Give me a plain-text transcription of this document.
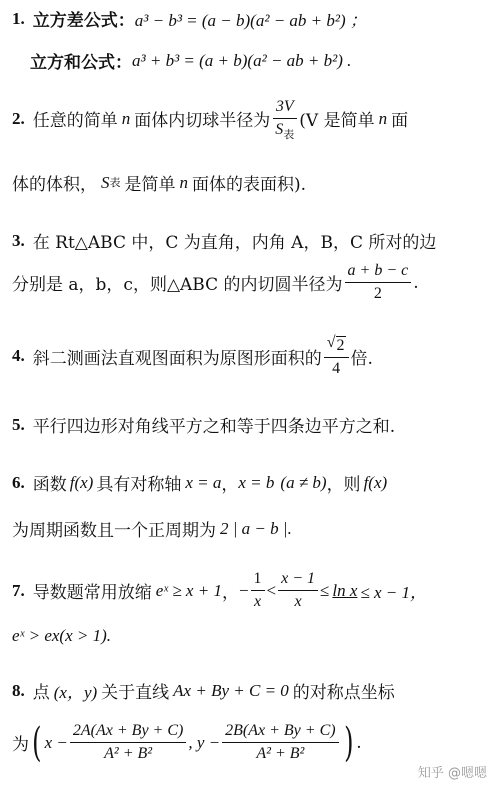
1. 立方差公式： a³ − b³ = (a − b)(a² − ab + b²) ；
立方和公式： a³ + b³ = (a + b)(a² − ab + b²) .
2. 任意的简单 n 面体内切球半径为 $\frac{3V}{S_表} (V$ 是简单 n 面
体的体积， S 表 是简单 n 面体的表面积).
3. 在 Rt△ABC 中，C 为直角，内角 A，B，C 所对的边
分别是 a，b，c，则△ABC 的内切圆半径为 $\frac{a + b - c}{2}$ .
4. 斜二测画法直观图面积为原图形面积的 $\frac{√ 2}{4}$ 倍.
5. 平行四边形对角线平方之和等于四条边平方之和.
6. 函数 f(x) 具有对称轴 x = a ， x = b (a ≠ b) ，则 f(x)
为周期函数且一个正周期为 2 | a − b |.
7. 导数题常用放缩 eˣ ≥ x + 1 ， − $\frac{1}{x} < \frac{x - 1}{x} \le \ln x \le x - 1$，
eˣ > ex(x > 1).
8. 点 (x，y) 关于直线 Ax + By + C = 0 的对称点坐标
为 ( $x - \frac{2A(Ax + By + C)}{\text{A² + B²}}$ , $y - \frac{2B(Ax + By + C)}{\text{A² + B²}}$ ) .
知乎 @嗯嗯
